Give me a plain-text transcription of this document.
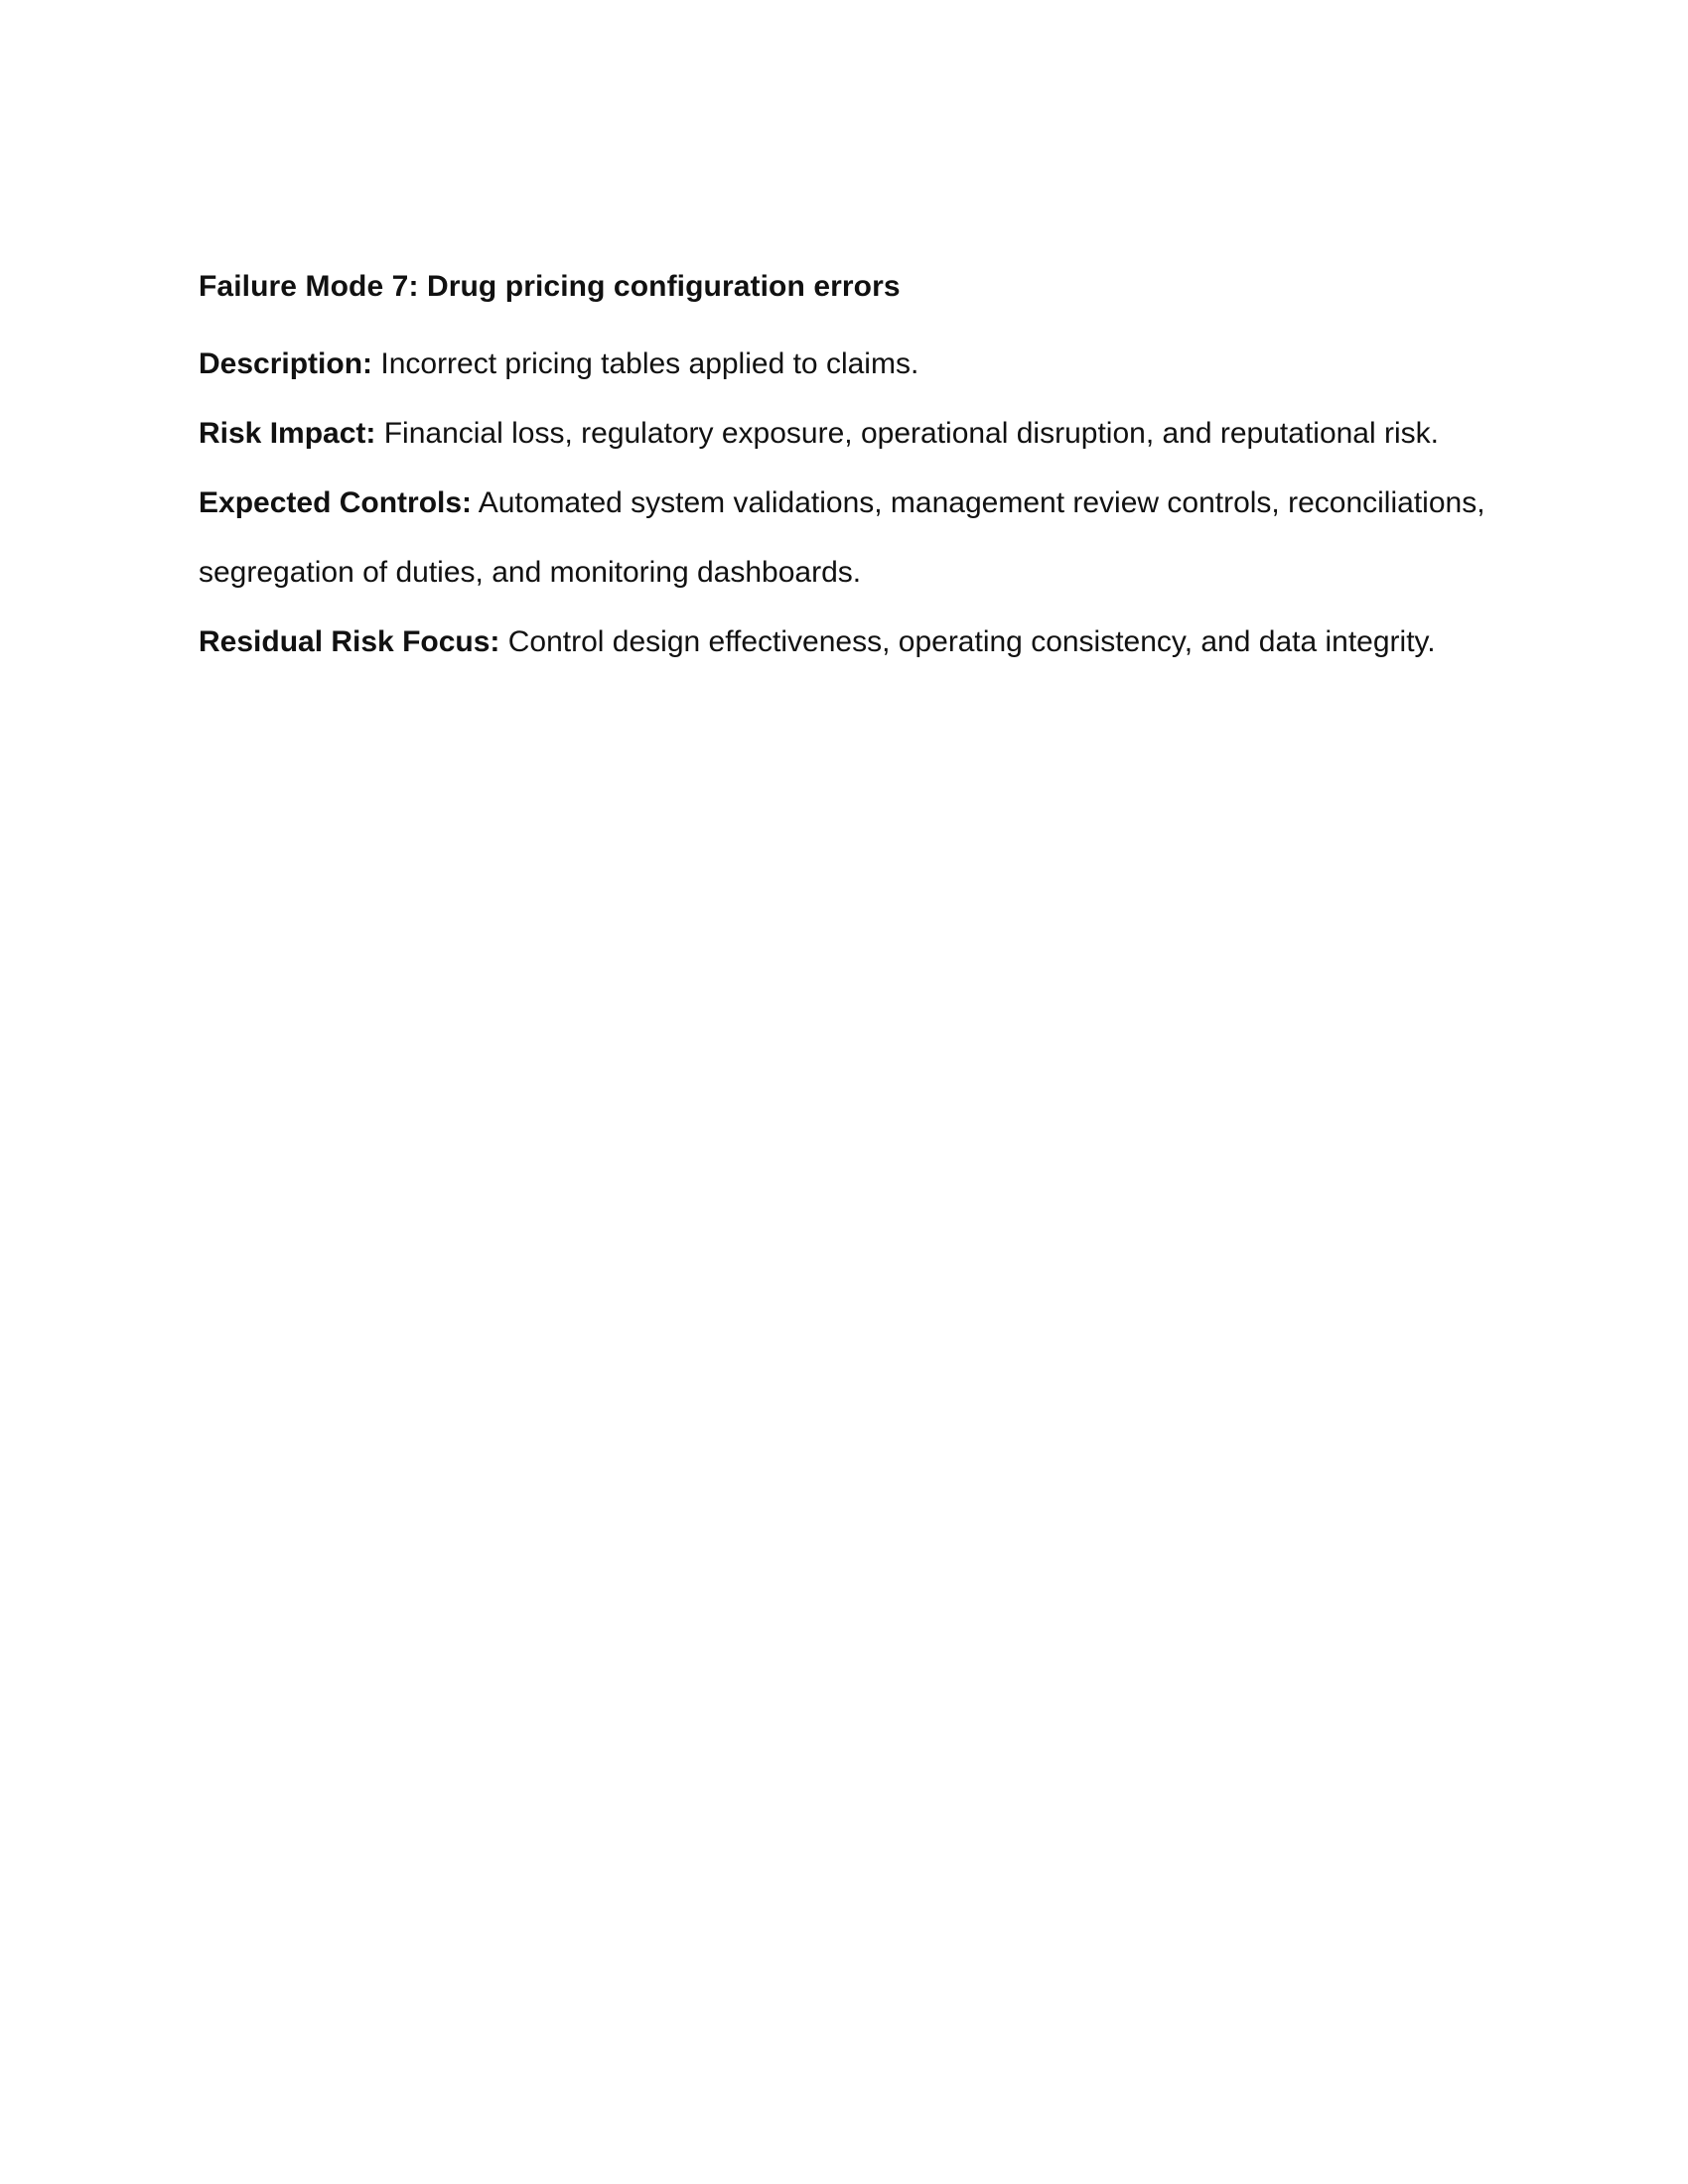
Failure Mode 7: Drug pricing configuration errors

Description: Incorrect pricing tables applied to claims.

Risk Impact: Financial loss, regulatory exposure, operational disruption, and reputational risk.

Expected Controls: Automated system validations, management review controls, reconciliations,

segregation of duties, and monitoring dashboards.

Residual Risk Focus: Control design effectiveness, operating consistency, and data integrity.
